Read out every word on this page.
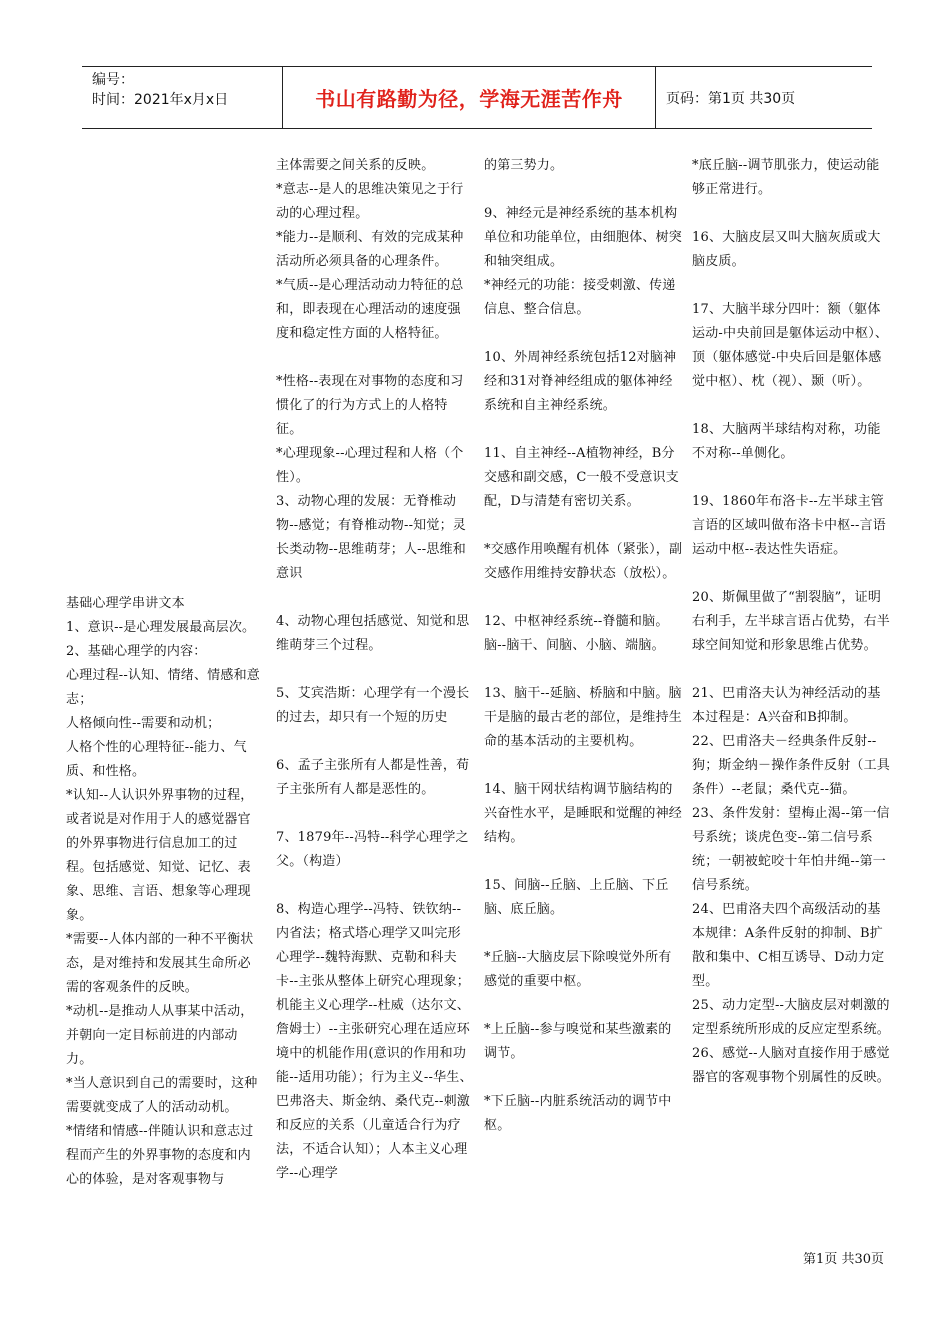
编号：
时间：2021年x月x日	书山有路勤为径，学海无涯苦作舟	页码：第1页 共30页

基础心理学串讲文本

1、意识--是心理发展最高层次。

2、基础心理学的内容：

心理过程--认知、情绪、情感和意志；

人格倾向性--需要和动机；

人格个性的心理特征--能力、气质、和性格。

*认知--人认识外界事物的过程，或者说是对作用于人的感觉器官的外界事物进行信息加工的过程。包括感觉、知觉、记忆、表象、思维、言语、想象等心理现象。

*需要--人体内部的一种不平衡状态，是对维持和发展其生命所必需的客观条件的反映。

*动机--是推动人从事某中活动，并朝向一定目标前进的内部动力。

*当人意识到自己的需要时，这种需要就变成了人的活动动机。

*情绪和情感--伴随认识和意志过程而产生的外界事物的态度和内心的体验，是对客观事物与

主体需要之间关系的反映。

*意志--是人的思维决策见之于行动的心理过程。

*能力--是顺利、有效的完成某种活动所必须具备的心理条件。

*气质--是心理活动动力特征的总和，即表现在心理活动的速度强度和稳定性方面的人格特征。

*性格--表现在对事物的态度和习惯化了的行为方式上的人格特征。

*心理现象--心理过程和人格（个性）。

3、动物心理的发展：无脊椎动物--感觉；有脊椎动物--知觉；灵长类动物--思维萌芽；人--思维和意识

4、动物心理包括感觉、知觉和思维萌芽三个过程。

5、艾宾浩斯：心理学有一个漫长的过去，却只有一个短的历史

6、孟子主张所有人都是性善，荀子主张所有人都是恶性的。

7、1879年--冯特--科学心理学之父。（构造）

8、构造心理学--冯特、铁钦纳--内省法；格式塔心理学又叫完形心理学--魏特海默、克勒和科夫卡--主张从整体上研究心理现象；机能主义心理学--杜威（达尔文、詹姆士）--主张研究心理在适应环境中的机能作用(意识的作用和功能--适用功能）；行为主义--华生、巴弗洛夫、斯金纳、桑代克--刺激和反应的关系（儿童适合行为疗法，不适合认知）；人本主义心理学--心理学

的第三势力。

9、神经元是神经系统的基本机构单位和功能单位，由细胞体、树突和轴突组成。

*神经元的功能：接受刺激、传递信息、整合信息。

10、外周神经系统包括12对脑神经和31对脊神经组成的躯体神经系统和自主神经系统。

11、自主神经--A植物神经，B分交感和副交感，C一般不受意识支配，D与清楚有密切关系。

*交感作用唤醒有机体（紧张），副交感作用维持安静状态（放松）。

12、中枢神经系统--脊髓和脑。脑--脑干、间脑、小脑、端脑。

13、脑干--延脑、桥脑和中脑。脑干是脑的最古老的部位，是维持生命的基本活动的主要机构。

14、脑干网状结构调节脑结构的兴奋性水平，是睡眠和觉醒的神经结构。

15、间脑--丘脑、上丘脑、下丘脑、底丘脑。

*丘脑--大脑皮层下除嗅觉外所有感觉的重要中枢。

*上丘脑--参与嗅觉和某些激素的调节。

*下丘脑--内脏系统活动的调节中枢。

*底丘脑--调节肌张力，使运动能够正常进行。

16、大脑皮层又叫大脑灰质或大脑皮质。

17、大脑半球分四叶：额（躯体运动-中央前回是躯体运动中枢）、顶（躯体感觉-中央后回是躯体感觉中枢）、枕（视）、颞（听）。

18、大脑两半球结构对称，功能不对称--单侧化。

19、1860年布洛卡--左半球主管言语的区域叫做布洛卡中枢--言语运动中枢--表达性失语症。

20、斯佩里做了“割裂脑”，证明右利手，左半球言语占优势，右半球空间知觉和形象思维占优势。

21、巴甫洛夫认为神经活动的基本过程是：A兴奋和B抑制。

22、巴甫洛夫－经典条件反射--狗；斯金纳－操作条件反射（工具条件）--老鼠；桑代克--猫。

23、条件发射：望梅止渴--第一信号系统；谈虎色变--第二信号系统；一朝被蛇咬十年怕井绳--第一信号系统。

24、巴甫洛夫四个高级活动的基本规律：A条件反射的抑制、B扩散和集中、C相互诱导、D动力定型。

25、动力定型--大脑皮层对刺激的定型系统所形成的反应定型系统。

26、感觉--人脑对直接作用于感觉器官的客观事物个别属性的反映。

第1页 共30页
